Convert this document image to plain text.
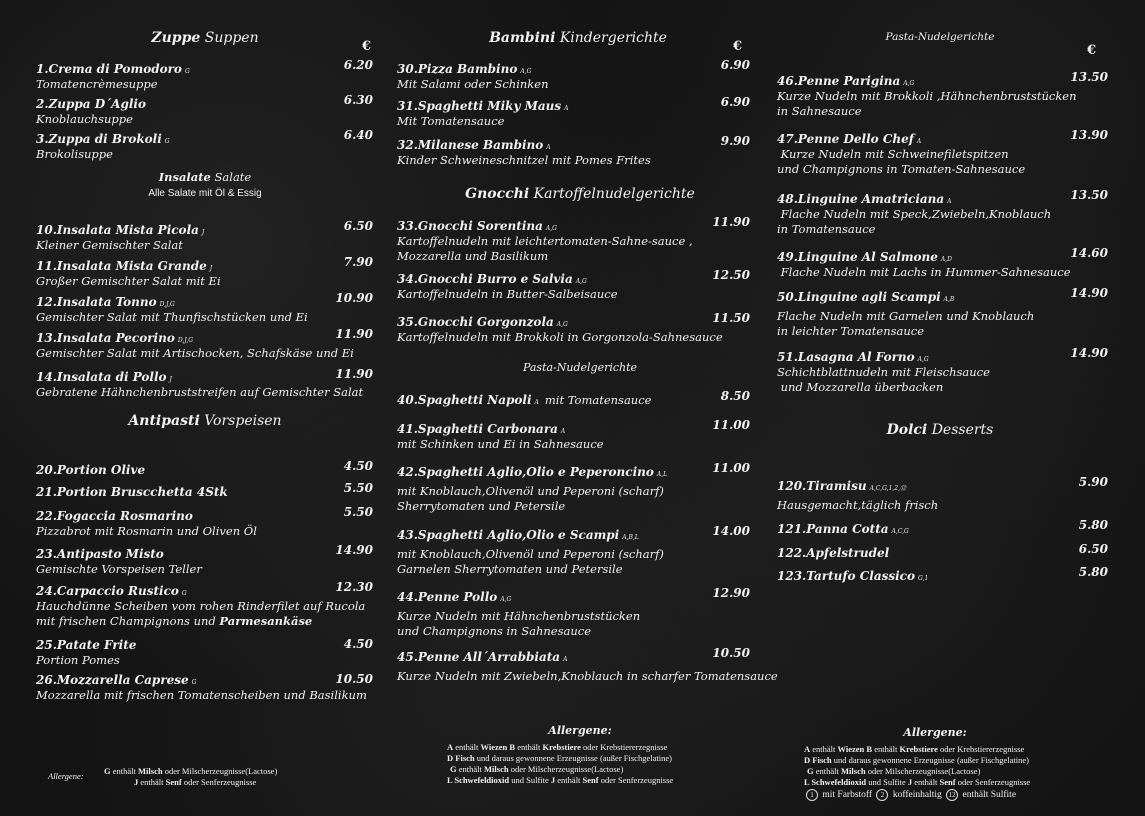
Zuppe Suppen
€
1.Crema di Pomodoro G	6.20
Tomatencrèmesuppe
2.Zuppa D´Aglio	6.30
Knoblauchsuppe
3.Zuppa di Brokoli G	6.40
Brokolisuppe
Insalate Salate
Alle Salate mit Öl & Essig
10.Insalata Mista Picola J	6.50
Kleiner Gemischter Salat
11.Insalata Mista Grande J	7.90
Großer Gemischter Salat mit Ei
12.Insalata Tonno D,J,G	10.90
Gemischter Salat mit Thunfischstücken und Ei
13.Insalata Pecorino D,J,G	11.90
Gemischter Salat mit Artischocken, Schafskäse und Ei
14.Insalata di Pollo J	11.90
Gebratene Hähnchenbruststreifen auf Gemischter Salat
Antipasti Vorspeisen
20.Portion Olive	4.50
21.Portion Bruscchetta 4Stk	5.50
22.Fogaccia Rosmarino	5.50
Pizzabrot mit Rosmarin und Oliven Öl
23.Antipasto Misto	14.90
Gemischte Vorspeisen Teller
24.Carpaccio Rustico G	12.30
Hauchdünne Scheiben vom rohen Rinderfilet auf Rucola
mit frischen Champignons und Parmesankäse
25.Patate Frite	4.50
Portion Pomes
26.Mozzarella Caprese G	10.50
Mozzarella mit frischen Tomatenscheiben und Basilikum
Allergene: G enthält Milsch oder Milscherzeugnisse(Lactose)
J enthält Senf oder Senferzeugnisse
Bambini Kindergerichte
€
30.Pizza Bambino A,G	6.90
Mit Salami oder Schinken
31.Spaghetti Miky Maus A	6.90
Mit Tomatensauce
32.Milanese Bambino A	9.90
Kinder Schweineschnitzel mit Pomes Frites
Gnocchi Kartoffelnudelgerichte
33.Gnocchi Sorentina A,G	11.90
Kartoffelnudeln mit leichtertomaten-Sahne-sauce ,
Mozzarella und Basilikum
34.Gnocchi Burro e Salvia A,G	12.50
Kartoffelnudeln in Butter-Salbeisauce
35.Gnocchi Gorgonzola A,G	11.50
Kartoffelnudeln mit Brokkoli in Gorgonzola-Sahnesauce
Pasta-Nudelgerichte
40.Spaghetti Napoli A mit Tomatensauce	8.50
41.Spaghetti Carbonara A	11.00
mit Schinken und Ei in Sahnesauce
42.Spaghetti Aglio,Olio e Peperoncino A,L	11.00
mit Knoblauch,Olivenöl und Peperoni (scharf)
Sherrytomaten und Petersile
43.Spaghetti Aglio,Olio e Scampi A,B,L	14.00
mit Knoblauch,Olivenöl und Peperoni (scharf)
Garnelen Sherrytomaten und Petersile
44.Penne Pollo A,G	12.90
Kurze Nudeln mit Hähnchenbruststücken
und Champignons in Sahnesauce
45.Penne All´Arrabbiata A	10.50
Kurze Nudeln mit Zwiebeln,Knoblauch in scharfer Tomatensauce
Allergene:
A enthält Wiezen B enthält Krebstiere oder Krebstiererzegnisse
D Fisch und daraus gewonnene Erzeugnisse (außer Fischgelatine)
G enthält Milsch oder Milscherzeugnisse(Lactose)
L Schwefeldioxid und Sulfite J enthält Senf oder Senferzeugnisse
Pasta-Nudelgerichte
€
46.Penne Parigina A,G	13.50
Kurze Nudeln mit Brokkoli ,Hähnchenbruststücken
in Sahnesauce
47.Penne Dello Chef A	13.90
Kurze Nudeln mit Schweinefiletspitzen
und Champignons in Tomaten-Sahnesauce
48.Linguine Amatriciana A	13.50
Flache Nudeln mit Speck,Zwiebeln,Knoblauch
in Tomatensauce
49.Linguine Al Salmone A,D	14.60
Flache Nudeln mit Lachs in Hummer-Sahnesauce
50.Linguine agli Scampi A,B	14.90
Flache Nudeln mit Garnelen und Knoblauch
in leichter Tomatensauce
51.Lasagna Al Forno A,G	14.90
Schichtblattnudeln mit Fleischsauce
und Mozzarella überbacken
Dolci Desserts
120.Tiramisu A,C,G,1,2,⑫	5.90
Hausgemacht,täglich frisch
121.Panna Cotta A,C,G	5.80
122.Apfelstrudel	6.50
123.Tartufo Classico G,1	5.80
Allergene:
A enthält Wiezen B enthält Krebstiere oder Krebstiererzegnisse
D Fisch und daraus gewonnene Erzeugnisse (außer Fischgelatine)
G enthält Milsch oder Milscherzeugnisse(Lactose)
L Schwefeldioxid und Sulfite J enthält Senf oder Senferzeugnisse
1 mit Farbstoff 2 koffeinhaltig 12 enthält Sulfite
